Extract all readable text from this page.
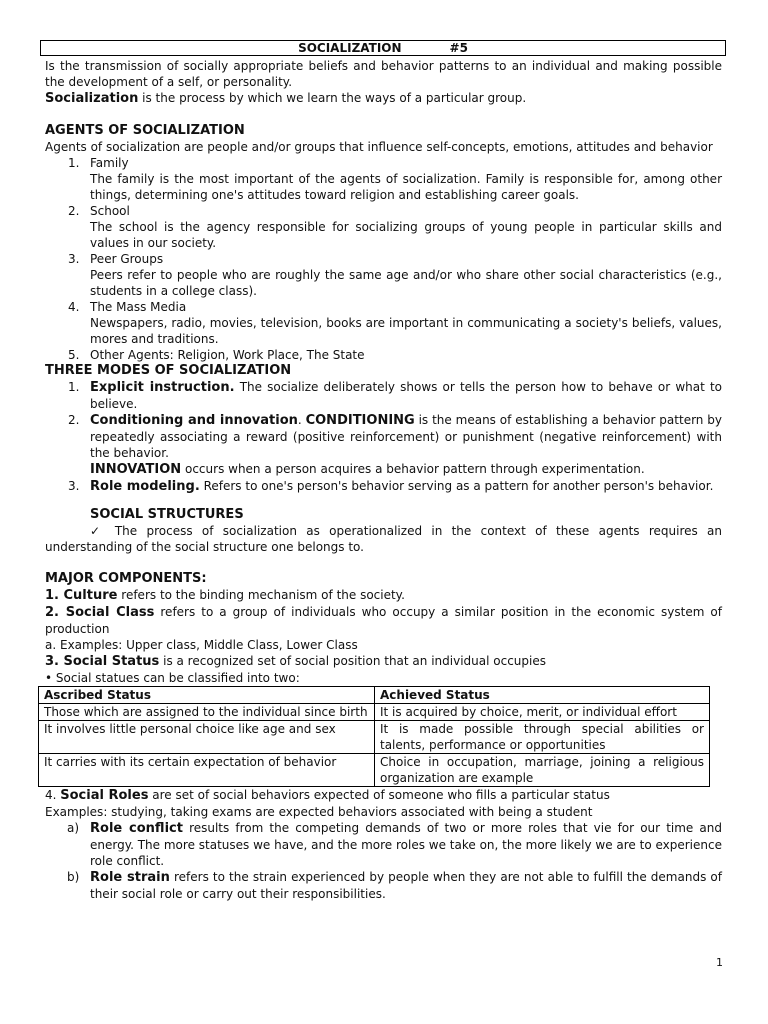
SOCIALIZATION	#5

Is the transmission of socially appropriate beliefs and behavior patterns to an individual and making possible the development of a self, or personality.

Socialization is the process by which we learn the ways of a particular group.

AGENTS OF SOCIALIZATION

Agents of socialization are people and/or groups that influence self-concepts, emotions, attitudes and behavior

1. Family

The family is the most important of the agents of socialization. Family is responsible for, among other things, determining one's attitudes toward religion and establishing career goals.

2. School

The school is the agency responsible for socializing groups of young people in particular skills and values in our society.

3. Peer Groups

Peers refer to people who are roughly the same age and/or who share other social characteristics (e.g., students in a college class).

4. The Mass Media

Newspapers, radio, movies, television, books are important in communicating a society's beliefs, values, mores and traditions.

5. Other Agents: Religion, Work Place, The State
THREE MODES OF SOCIALIZATION
1. Explicit instruction. The socialize deliberately shows or tells the person how to behave or what to believe.
2. Conditioning and innovation. CONDITIONING is the means of establishing a behavior pattern by repeatedly associating a reward (positive reinforcement) or punishment (negative reinforcement) with the behavior.
INNOVATION occurs when a person acquires a behavior pattern through experimentation.
3. Role modeling. Refers to one's person's behavior serving as a pattern for another person's behavior.
SOCIAL STRUCTURES

✓ The process of socialization as operationalized in the context of these agents requires an understanding of the social structure one belongs to.

MAJOR COMPONENTS:

1. Culture refers to the binding mechanism of the society.

2. Social Class refers to a group of individuals who occupy a similar position in the economic system of production

a. Examples: Upper class, Middle Class, Lower Class

3. Social Status is a recognized set of social position that an individual occupies

• Social statues can be classified into two:
Ascribed Status	Achieved Status
Those which are assigned to the individual since birth	It is acquired by choice, merit, or individual effort
It involves little personal choice like age and sex	It is made possible through special abilities or talents, performance or opportunities
It carries with its certain expectation of behavior	Choice in occupation, marriage, joining a religious organization are example

4. Social Roles are set of social behaviors expected of someone who fills a particular status

Examples: studying, taking exams are expected behaviors associated with being a student

a) Role conflict results from the competing demands of two or more roles that vie for our time and energy. The more statuses we have, and the more roles we take on, the more likely we are to experience role conflict.

b) Role strain refers to the strain experienced by people when they are not able to fulfill the demands of their social role or carry out their responsibilities.

1
